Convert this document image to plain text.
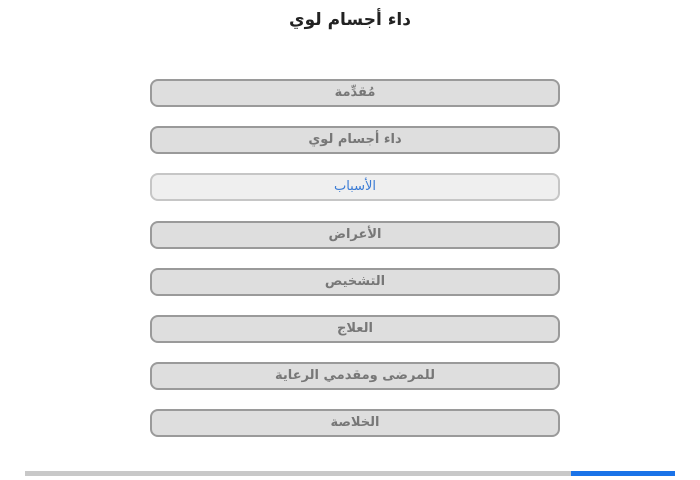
داء أجسام لوي
مُقدِّمة
داء أجسام لوي
الأسباب
الأعراض
التشخيص
العلاج
للمرضى ومقدمي الرعاية
الخلاصة
